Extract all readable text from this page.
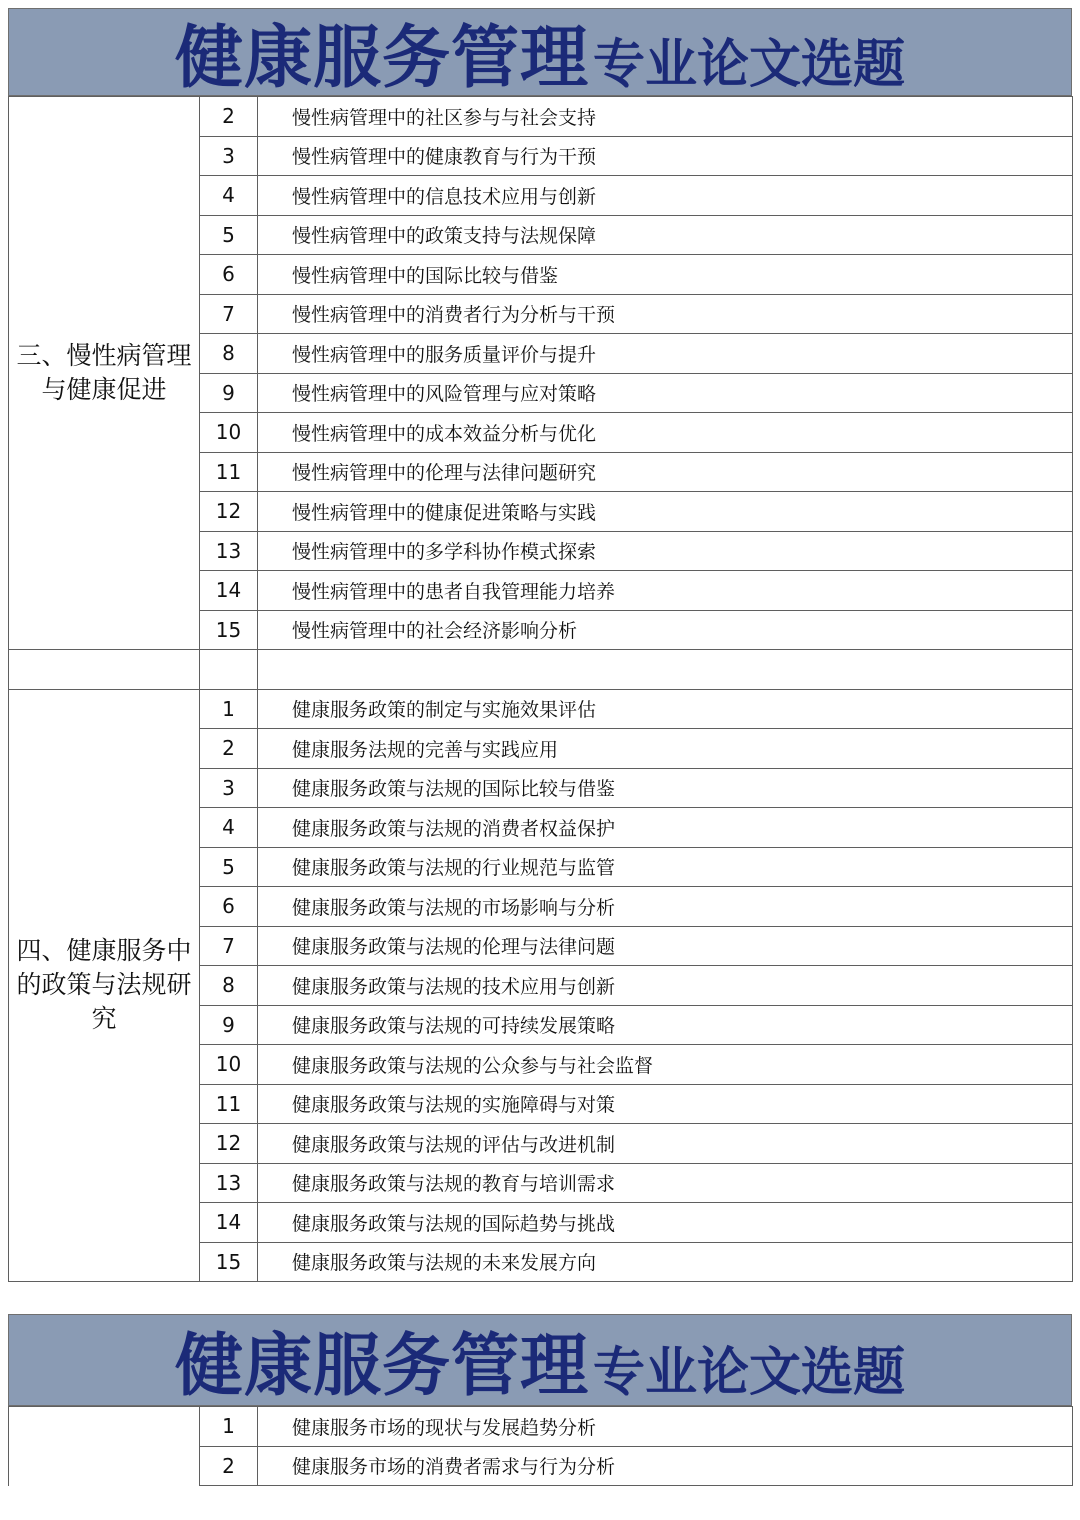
健康服务管理 专业论文选题
三、慢性病管理与健康促进	2	慢性病管理中的社区参与与社会支持
	3	慢性病管理中的健康教育与行为干预
	4	慢性病管理中的信息技术应用与创新
	5	慢性病管理中的政策支持与法规保障
	6	慢性病管理中的国际比较与借鉴
	7	慢性病管理中的消费者行为分析与干预
	8	慢性病管理中的服务质量评价与提升
	9	慢性病管理中的风险管理与应对策略
	10	慢性病管理中的成本效益分析与优化
	11	慢性病管理中的伦理与法律问题研究
	12	慢性病管理中的健康促进策略与实践
	13	慢性病管理中的多学科协作模式探索
	14	慢性病管理中的患者自我管理能力培养
	15	慢性病管理中的社会经济影响分析

四、健康服务中的政策与法规研究	1	健康服务政策的制定与实施效果评估
	2	健康服务法规的完善与实践应用
	3	健康服务政策与法规的国际比较与借鉴
	4	健康服务政策与法规的消费者权益保护
	5	健康服务政策与法规的行业规范与监管
	6	健康服务政策与法规的市场影响与分析
	7	健康服务政策与法规的伦理与法律问题
	8	健康服务政策与法规的技术应用与创新
	9	健康服务政策与法规的可持续发展策略
	10	健康服务政策与法规的公众参与与社会监督
	11	健康服务政策与法规的实施障碍与对策
	12	健康服务政策与法规的评估与改进机制
	13	健康服务政策与法规的教育与培训需求
	14	健康服务政策与法规的国际趋势与挑战
	15	健康服务政策与法规的未来发展方向
健康服务管理 专业论文选题
	1	健康服务市场的现状与发展趋势分析
	2	健康服务市场的消费者需求与行为分析
